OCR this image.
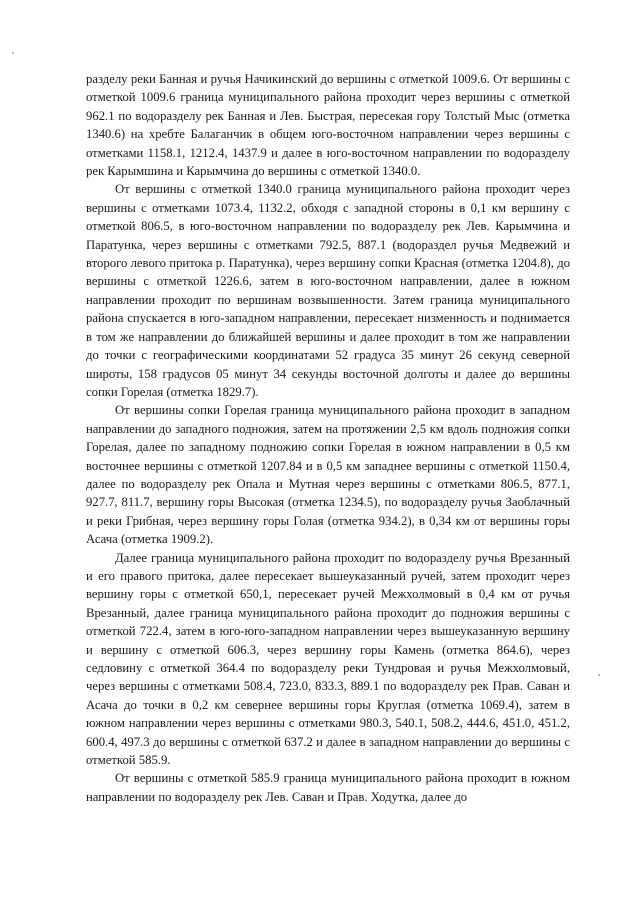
разделу реки Банная и ручья Начикинский до вершины с отметкой 1009.6. От вершины с отметкой 1009.6 граница муниципального района проходит через вершины с отметкой 962.1 по водоразделу рек Банная и Лев. Быстрая, пересекая гору Толстый Мыс (отметка 1340.6) на хребте Балаганчик в общем юго-восточном направлении через вершины с отметками 1158.1, 1212.4, 1437.9 и далее в юго-восточном направлении по водоразделу рек Карымшина и Карымчина до вершины с отметкой 1340.0.

От вершины с отметкой 1340.0 граница муниципального района проходит через вершины с отметками 1073.4, 1132.2, обходя с западной стороны в 0,1 км вершину с отметкой 806.5, в юго-восточном направлении по водоразделу рек Лев. Карымчина и Паратунка, через вершины с отметками 792.5, 887.1 (водораздел ручья Медвежий и второго левого притока р. Паратунка), через вершину сопки Красная (отметка 1204.8), до вершины с отметкой 1226.6, затем в юго-восточном направлении, далее в южном направлении проходит по вершинам возвышенности. Затем граница муниципального района спускается в юго-западном направлении, пересекает низменность и поднимается в том же направлении до ближайшей вершины и далее проходит в том же направлении до точки с географическими координатами 52 градуса 35 минут 26 секунд северной широты, 158 градусов 05 минут 34 секунды восточной долготы и далее до вершины сопки Горелая (отметка 1829.7).

От вершины сопки Горелая граница муниципального района проходит в западном направлении до западного подножия, затем на протяжении 2,5 км вдоль подножия сопки Горелая, далее по западному подножию сопки Горелая в южном направлении в 0,5 км восточнее вершины с отметкой 1207.84 и в 0,5 км западнее вершины с отметкой 1150.4, далее по водоразделу рек Опала и Мутная через вершины с отметками 806.5, 877.1, 927.7, 811.7, вершину горы Высокая (отметка 1234.5), по водоразделу ручья Заоблачный и реки Грибная, через вершину горы Голая (отметка 934.2), в 0,34 км от вершины горы Асача (отметка 1909.2).

Далее граница муниципального района проходит по водоразделу ручья Врезанный и его правого притока, далее пересекает вышеуказанный ручей, затем проходит через вершину горы с отметкой 650,1, пересекает ручей Межхолмовый в 0,4 км от ручья Врезанный, далее граница муниципального района проходит до подножия вершины с отметкой 722.4, затем в юго-юго-западном направлении через вышеуказанную вершину и вершину с отметкой 606.3, через вершину горы Камень (отметка 864.6), через седловину с отметкой 364.4 по водоразделу реки Тундровая и ручья Межхолмовый, через вершины с отметками 508.4, 723.0, 833.3, 889.1 по водоразделу рек Прав. Саван и Асача до точки в 0,2 км севернее вершины горы Круглая (отметка 1069.4), затем в южном направлении через вершины с отметками 980.3, 540.1, 508.2, 444.6, 451.0, 451.2, 600.4, 497.3 до вершины с отметкой 637.2 и далее в западном направлении до вершины с отметкой 585.9.

От вершины с отметкой 585.9 граница муниципального района проходит в южном направлении по водоразделу рек Лев. Саван и Прав. Ходутка, далее до
